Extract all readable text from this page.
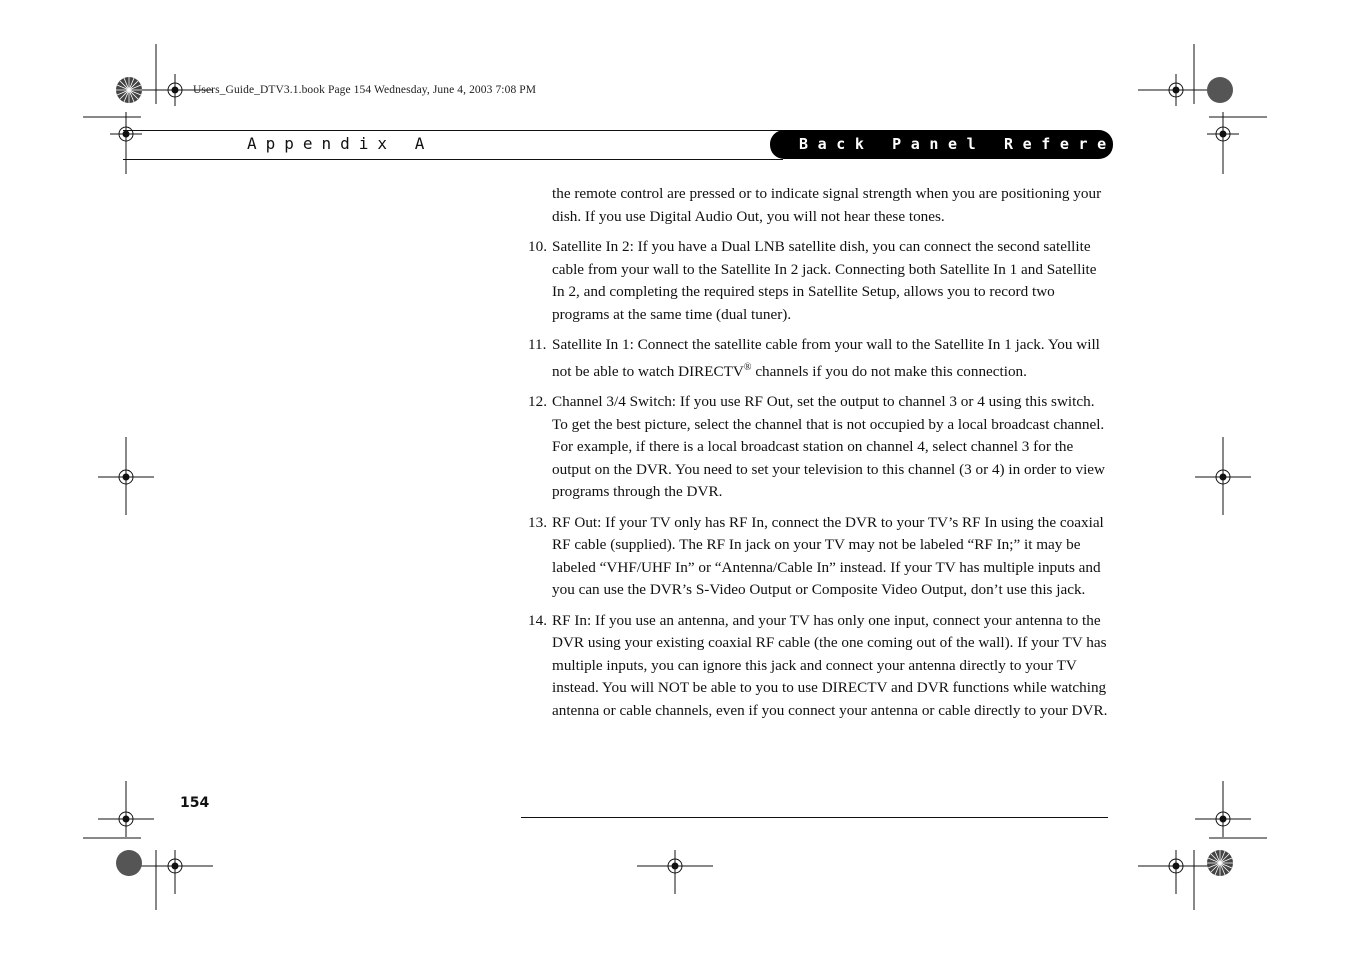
Users_Guide_DTV3.1.book Page 154 Wednesday, June 4, 2003 7:08 PM
Appendix A	Back Panel Reference
the remote control are pressed or to indicate signal strength when you are positioning your dish. If you use Digital Audio Out, you will not hear these tones.
10. Satellite In 2: If you have a Dual LNB satellite dish, you can connect the second satellite cable from your wall to the Satellite In 2 jack. Connecting both Satellite In 1 and Satellite In 2, and completing the required steps in Satellite Setup, allows you to record two programs at the same time (dual tuner).
11. Satellite In 1: Connect the satellite cable from your wall to the Satellite In 1 jack. You will not be able to watch DIRECTV® channels if you do not make this connection.
12. Channel 3/4 Switch: If you use RF Out, set the output to channel 3 or 4 using this switch. To get the best picture, select the channel that is not occupied by a local broadcast channel. For example, if there is a local broadcast station on channel 4, select channel 3 for the output on the DVR. You need to set your television to this channel (3 or 4) in order to view programs through the DVR.
13. RF Out: If your TV only has RF In, connect the DVR to your TV’s RF In using the coaxial RF cable (supplied). The RF In jack on your TV may not be labeled “RF In;” it may be labeled “VHF/UHF In” or “Antenna/Cable In” instead. If your TV has multiple inputs and you can use the DVR’s S-Video Output or Composite Video Output, don’t use this jack.
14. RF In: If you use an antenna, and your TV has only one input, connect your antenna to the DVR using your existing coaxial RF cable (the one coming out of the wall). If your TV has multiple inputs, you can ignore this jack and connect your antenna directly to your TV instead. You will NOT be able to you to use DIRECTV and DVR functions while watching antenna or cable channels, even if you connect your antenna or cable directly to your DVR.
154
